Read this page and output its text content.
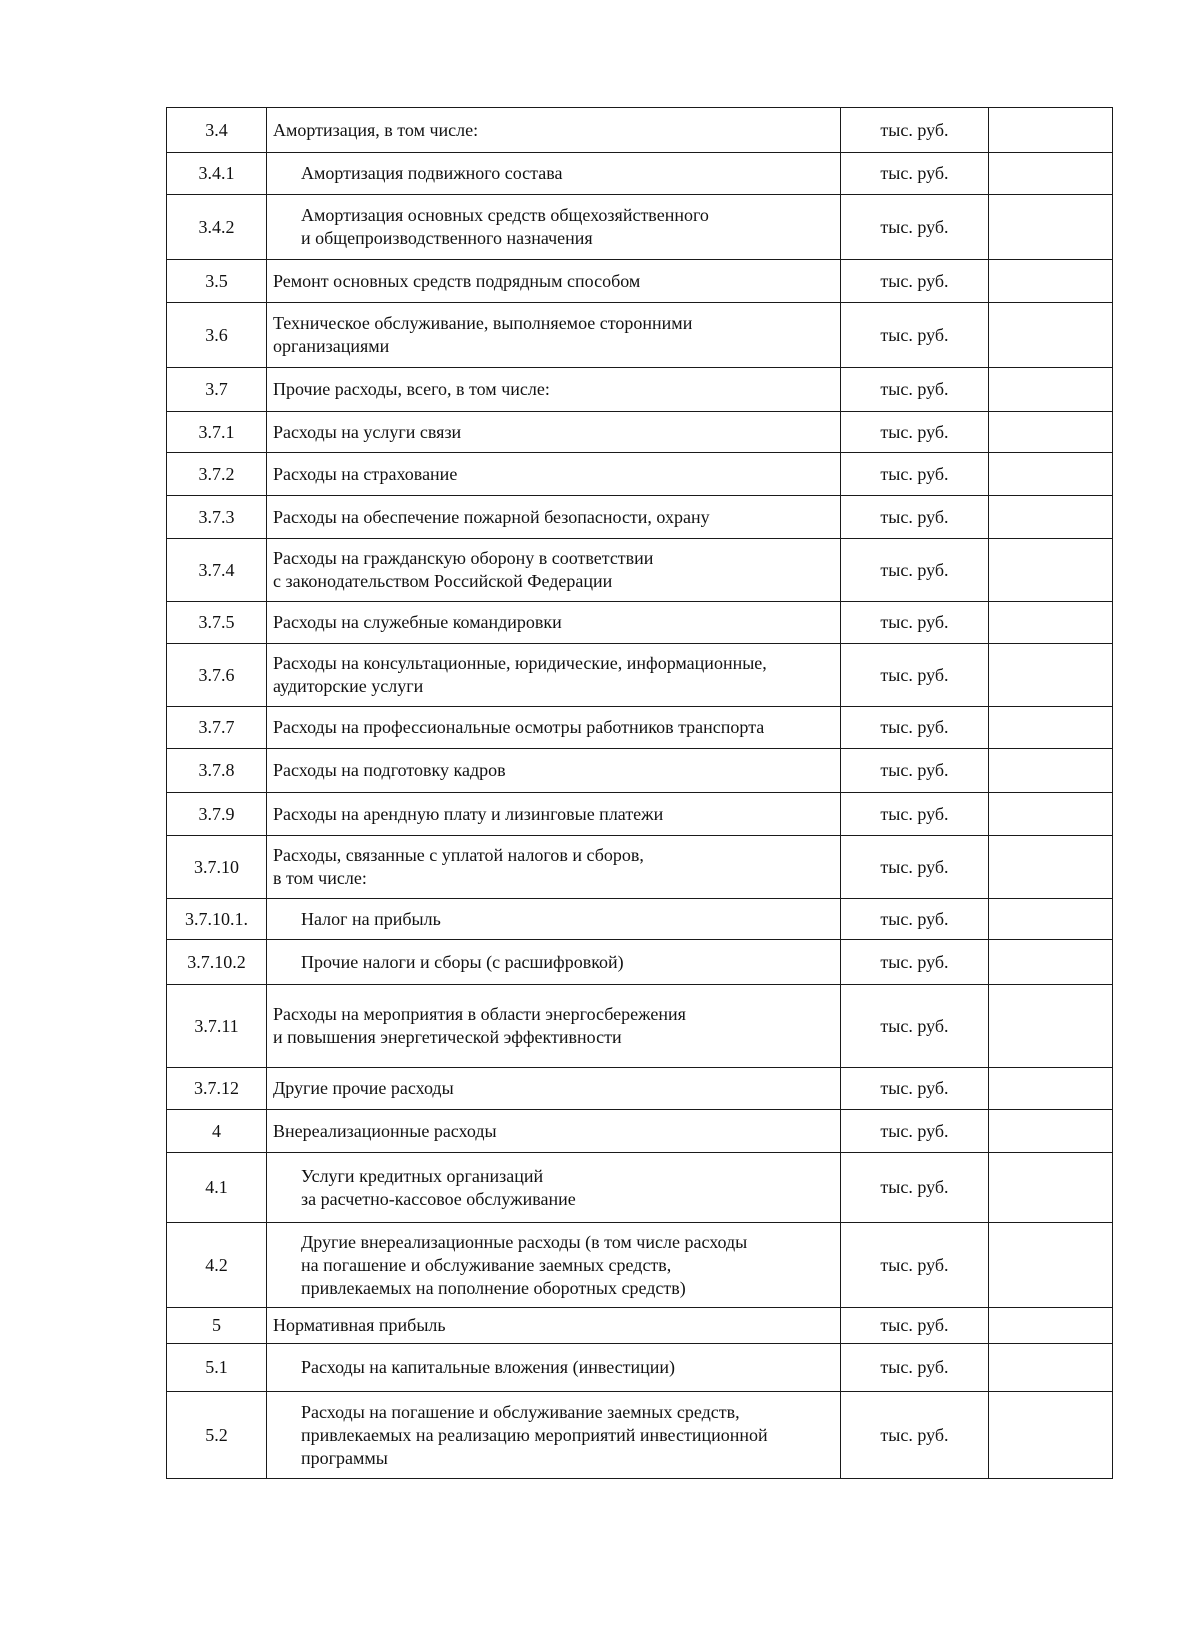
3.4	Амортизация, в том числе:	тыс. руб.	
3.4.1	Амортизация подвижного состава	тыс. руб.	
3.4.2	Амортизация основных средств общехозяйственного
и общепроизводственного назначения	тыс. руб.	
3.5	Ремонт основных средств подрядным способом	тыс. руб.	
3.6	Техническое обслуживание, выполняемое сторонними
организациями	тыс. руб.	
3.7	Прочие расходы, всего, в том числе:	тыс. руб.	
3.7.1	Расходы на услуги связи	тыс. руб.	
3.7.2	Расходы на страхование	тыс. руб.	
3.7.3	Расходы на обеспечение пожарной безопасности, охрану	тыс. руб.	
3.7.4	Расходы на гражданскую оборону в соответствии
с законодательством Российской Федерации	тыс. руб.	
3.7.5	Расходы на служебные командировки	тыс. руб.	
3.7.6	Расходы на консультационные, юридические, информационные,
аудиторские услуги	тыс. руб.	
3.7.7	Расходы на профессиональные осмотры работников транспорта	тыс. руб.	
3.7.8	Расходы на подготовку кадров	тыс. руб.	
3.7.9	Расходы на арендную плату и лизинговые платежи	тыс. руб.	
3.7.10	Расходы, связанные с уплатой налогов и сборов,
в том числе:	тыс. руб.	
3.7.10.1.	Налог на прибыль	тыс. руб.	
3.7.10.2	Прочие налоги и сборы (с расшифровкой)	тыс. руб.	
3.7.11	Расходы на мероприятия в области энергосбережения
и повышения энергетической эффективности	тыс. руб.	
3.7.12	Другие прочие расходы	тыс. руб.	
4	Внереализационные расходы	тыс. руб.	
4.1	Услуги кредитных организаций
за расчетно-кассовое обслуживание	тыс. руб.	
4.2	Другие внереализационные расходы (в том числе расходы
на погашение и обслуживание заемных средств,
привлекаемых на пополнение оборотных средств)	тыс. руб.	
5	Нормативная прибыль	тыс. руб.	
5.1	Расходы на капитальные вложения (инвестиции)	тыс. руб.	
5.2	Расходы на погашение и обслуживание заемных средств,
привлекаемых на реализацию мероприятий инвестиционной
программы	тыс. руб.	
